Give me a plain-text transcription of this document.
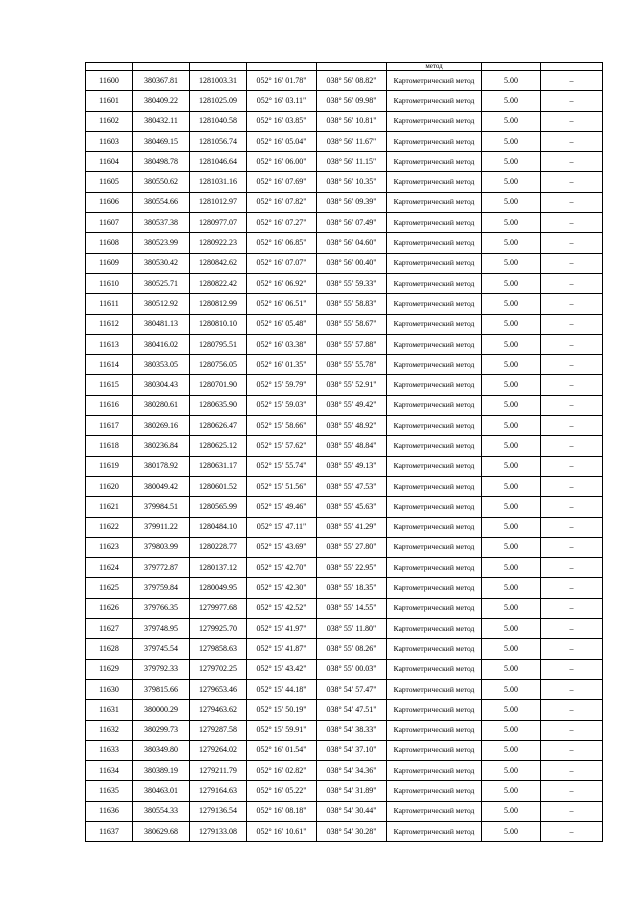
					метод		
11600	380367.81	1281003.31	052° 16' 01.78"	038° 56' 08.82"	Картометрический метод	5.00	–
11601	380409.22	1281025.09	052° 16' 03.11"	038° 56' 09.98"	Картометрический метод	5.00	–
11602	380432.11	1281040.58	052° 16' 03.85"	038° 56' 10.81"	Картометрический метод	5.00	–
11603	380469.15	1281056.74	052° 16' 05.04"	038° 56' 11.67"	Картометрический метод	5.00	–
11604	380498.78	1281046.64	052° 16' 06.00"	038° 56' 11.15"	Картометрический метод	5.00	–
11605	380550.62	1281031.16	052° 16' 07.69"	038° 56' 10.35"	Картометрический метод	5.00	–
11606	380554.66	1281012.97	052° 16' 07.82"	038° 56' 09.39"	Картометрический метод	5.00	–
11607	380537.38	1280977.07	052° 16' 07.27"	038° 56' 07.49"	Картометрический метод	5.00	–
11608	380523.99	1280922.23	052° 16' 06.85"	038° 56' 04.60"	Картометрический метод	5.00	–
11609	380530.42	1280842.62	052° 16' 07.07"	038° 56' 00.40"	Картометрический метод	5.00	–
11610	380525.71	1280822.42	052° 16' 06.92"	038° 55' 59.33"	Картометрический метод	5.00	–
11611	380512.92	1280812.99	052° 16' 06.51"	038° 55' 58.83"	Картометрический метод	5.00	–
11612	380481.13	1280810.10	052° 16' 05.48"	038° 55' 58.67"	Картометрический метод	5.00	–
11613	380416.02	1280795.51	052° 16' 03.38"	038° 55' 57.88"	Картометрический метод	5.00	–
11614	380353.05	1280756.05	052° 16' 01.35"	038° 55' 55.78"	Картометрический метод	5.00	–
11615	380304.43	1280701.90	052° 15' 59.79"	038° 55' 52.91"	Картометрический метод	5.00	–
11616	380280.61	1280635.90	052° 15' 59.03"	038° 55' 49.42"	Картометрический метод	5.00	–
11617	380269.16	1280626.47	052° 15' 58.66"	038° 55' 48.92"	Картометрический метод	5.00	–
11618	380236.84	1280625.12	052° 15' 57.62"	038° 55' 48.84"	Картометрический метод	5.00	–
11619	380178.92	1280631.17	052° 15' 55.74"	038° 55' 49.13"	Картометрический метод	5.00	–
11620	380049.42	1280601.52	052° 15' 51.56"	038° 55' 47.53"	Картометрический метод	5.00	–
11621	379984.51	1280565.99	052° 15' 49.46"	038° 55' 45.63"	Картометрический метод	5.00	–
11622	379911.22	1280484.10	052° 15' 47.11"	038° 55' 41.29"	Картометрический метод	5.00	–
11623	379803.99	1280228.77	052° 15' 43.69"	038° 55' 27.80"	Картометрический метод	5.00	–
11624	379772.87	1280137.12	052° 15' 42.70"	038° 55' 22.95"	Картометрический метод	5.00	–
11625	379759.84	1280049.95	052° 15' 42.30"	038° 55' 18.35"	Картометрический метод	5.00	–
11626	379766.35	1279977.68	052° 15' 42.52"	038° 55' 14.55"	Картометрический метод	5.00	–
11627	379748.95	1279925.70	052° 15' 41.97"	038° 55' 11.80"	Картометрический метод	5.00	–
11628	379745.54	1279858.63	052° 15' 41.87"	038° 55' 08.26"	Картометрический метод	5.00	–
11629	379792.33	1279702.25	052° 15' 43.42"	038° 55' 00.03"	Картометрический метод	5.00	–
11630	379815.66	1279653.46	052° 15' 44.18"	038° 54' 57.47"	Картометрический метод	5.00	–
11631	380000.29	1279463.62	052° 15' 50.19"	038° 54' 47.51"	Картометрический метод	5.00	–
11632	380299.73	1279287.58	052° 15' 59.91"	038° 54' 38.33"	Картометрический метод	5.00	–
11633	380349.80	1279264.02	052° 16' 01.54"	038° 54' 37.10"	Картометрический метод	5.00	–
11634	380389.19	1279211.79	052° 16' 02.82"	038° 54' 34.36"	Картометрический метод	5.00	–
11635	380463.01	1279164.63	052° 16' 05.22"	038° 54' 31.89"	Картометрический метод	5.00	–
11636	380554.33	1279136.54	052° 16' 08.18"	038° 54' 30.44"	Картометрический метод	5.00	–
11637	380629.68	1279133.08	052° 16' 10.61"	038° 54' 30.28"	Картометрический метод	5.00	–
